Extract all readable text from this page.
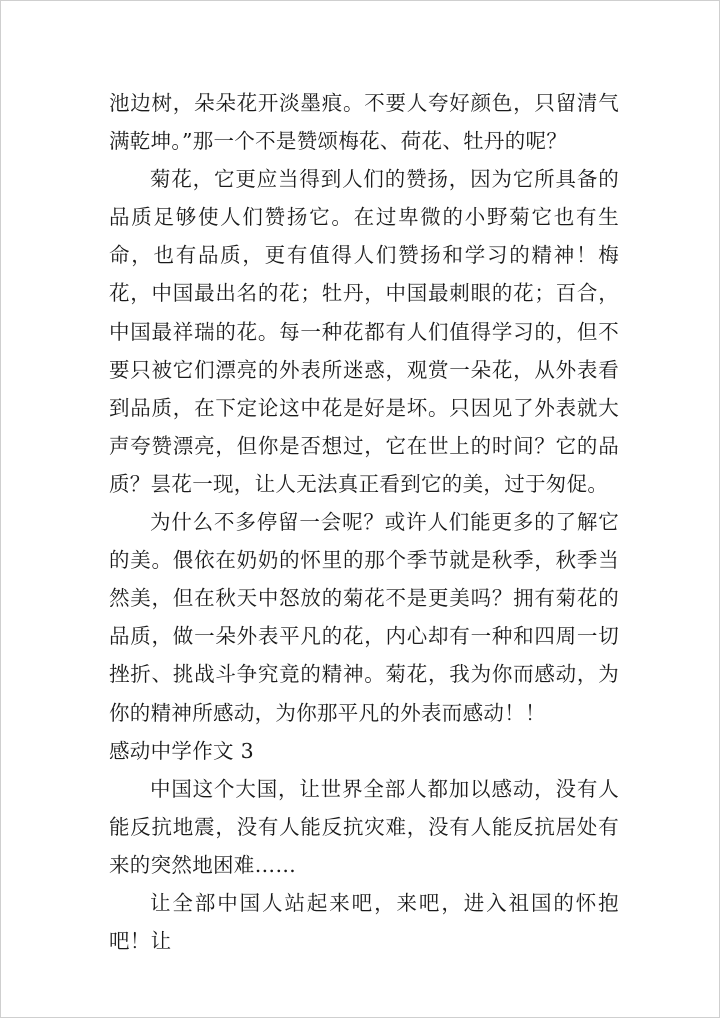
池边树，朵朵花开淡墨痕。不要人夸好颜色，只留清气满乾坤。”那一个不是赞颂梅花、荷花、牡丹的呢？

菊花，它更应当得到人们的赞扬，因为它所具备的品质足够使人们赞扬它。在过卑微的小野菊它也有生命，也有品质，更有值得人们赞扬和学习的精神！梅花，中国最出名的花；牡丹，中国最刺眼的花；百合，中国最祥瑞的花。每一种花都有人们值得学习的，但不要只被它们漂亮的外表所迷惑，观赏一朵花，从外表看到品质，在下定论这中花是好是坏。只因见了外表就大声夸赞漂亮，但你是否想过，它在世上的时间？它的品质？昙花一现，让人无法真正看到它的美，过于匆促。

为什么不多停留一会呢？或许人们能更多的了解它的美。偎依在奶奶的怀里的那个季节就是秋季，秋季当然美，但在秋天中怒放的菊花不是更美吗？拥有菊花的品质，做一朵外表平凡的花，内心却有一种和四周一切挫折、挑战斗争究竟的精神。菊花，我为你而感动，为你的精神所感动，为你那平凡的外表而感动！！

感动中学作文 3

中国这个大国，让世界全部人都加以感动，没有人能反抗地震，没有人能反抗灾难，没有人能反抗居处有来的突然地困难……

让全部中国人站起来吧，来吧，进入祖国的怀抱吧！让
